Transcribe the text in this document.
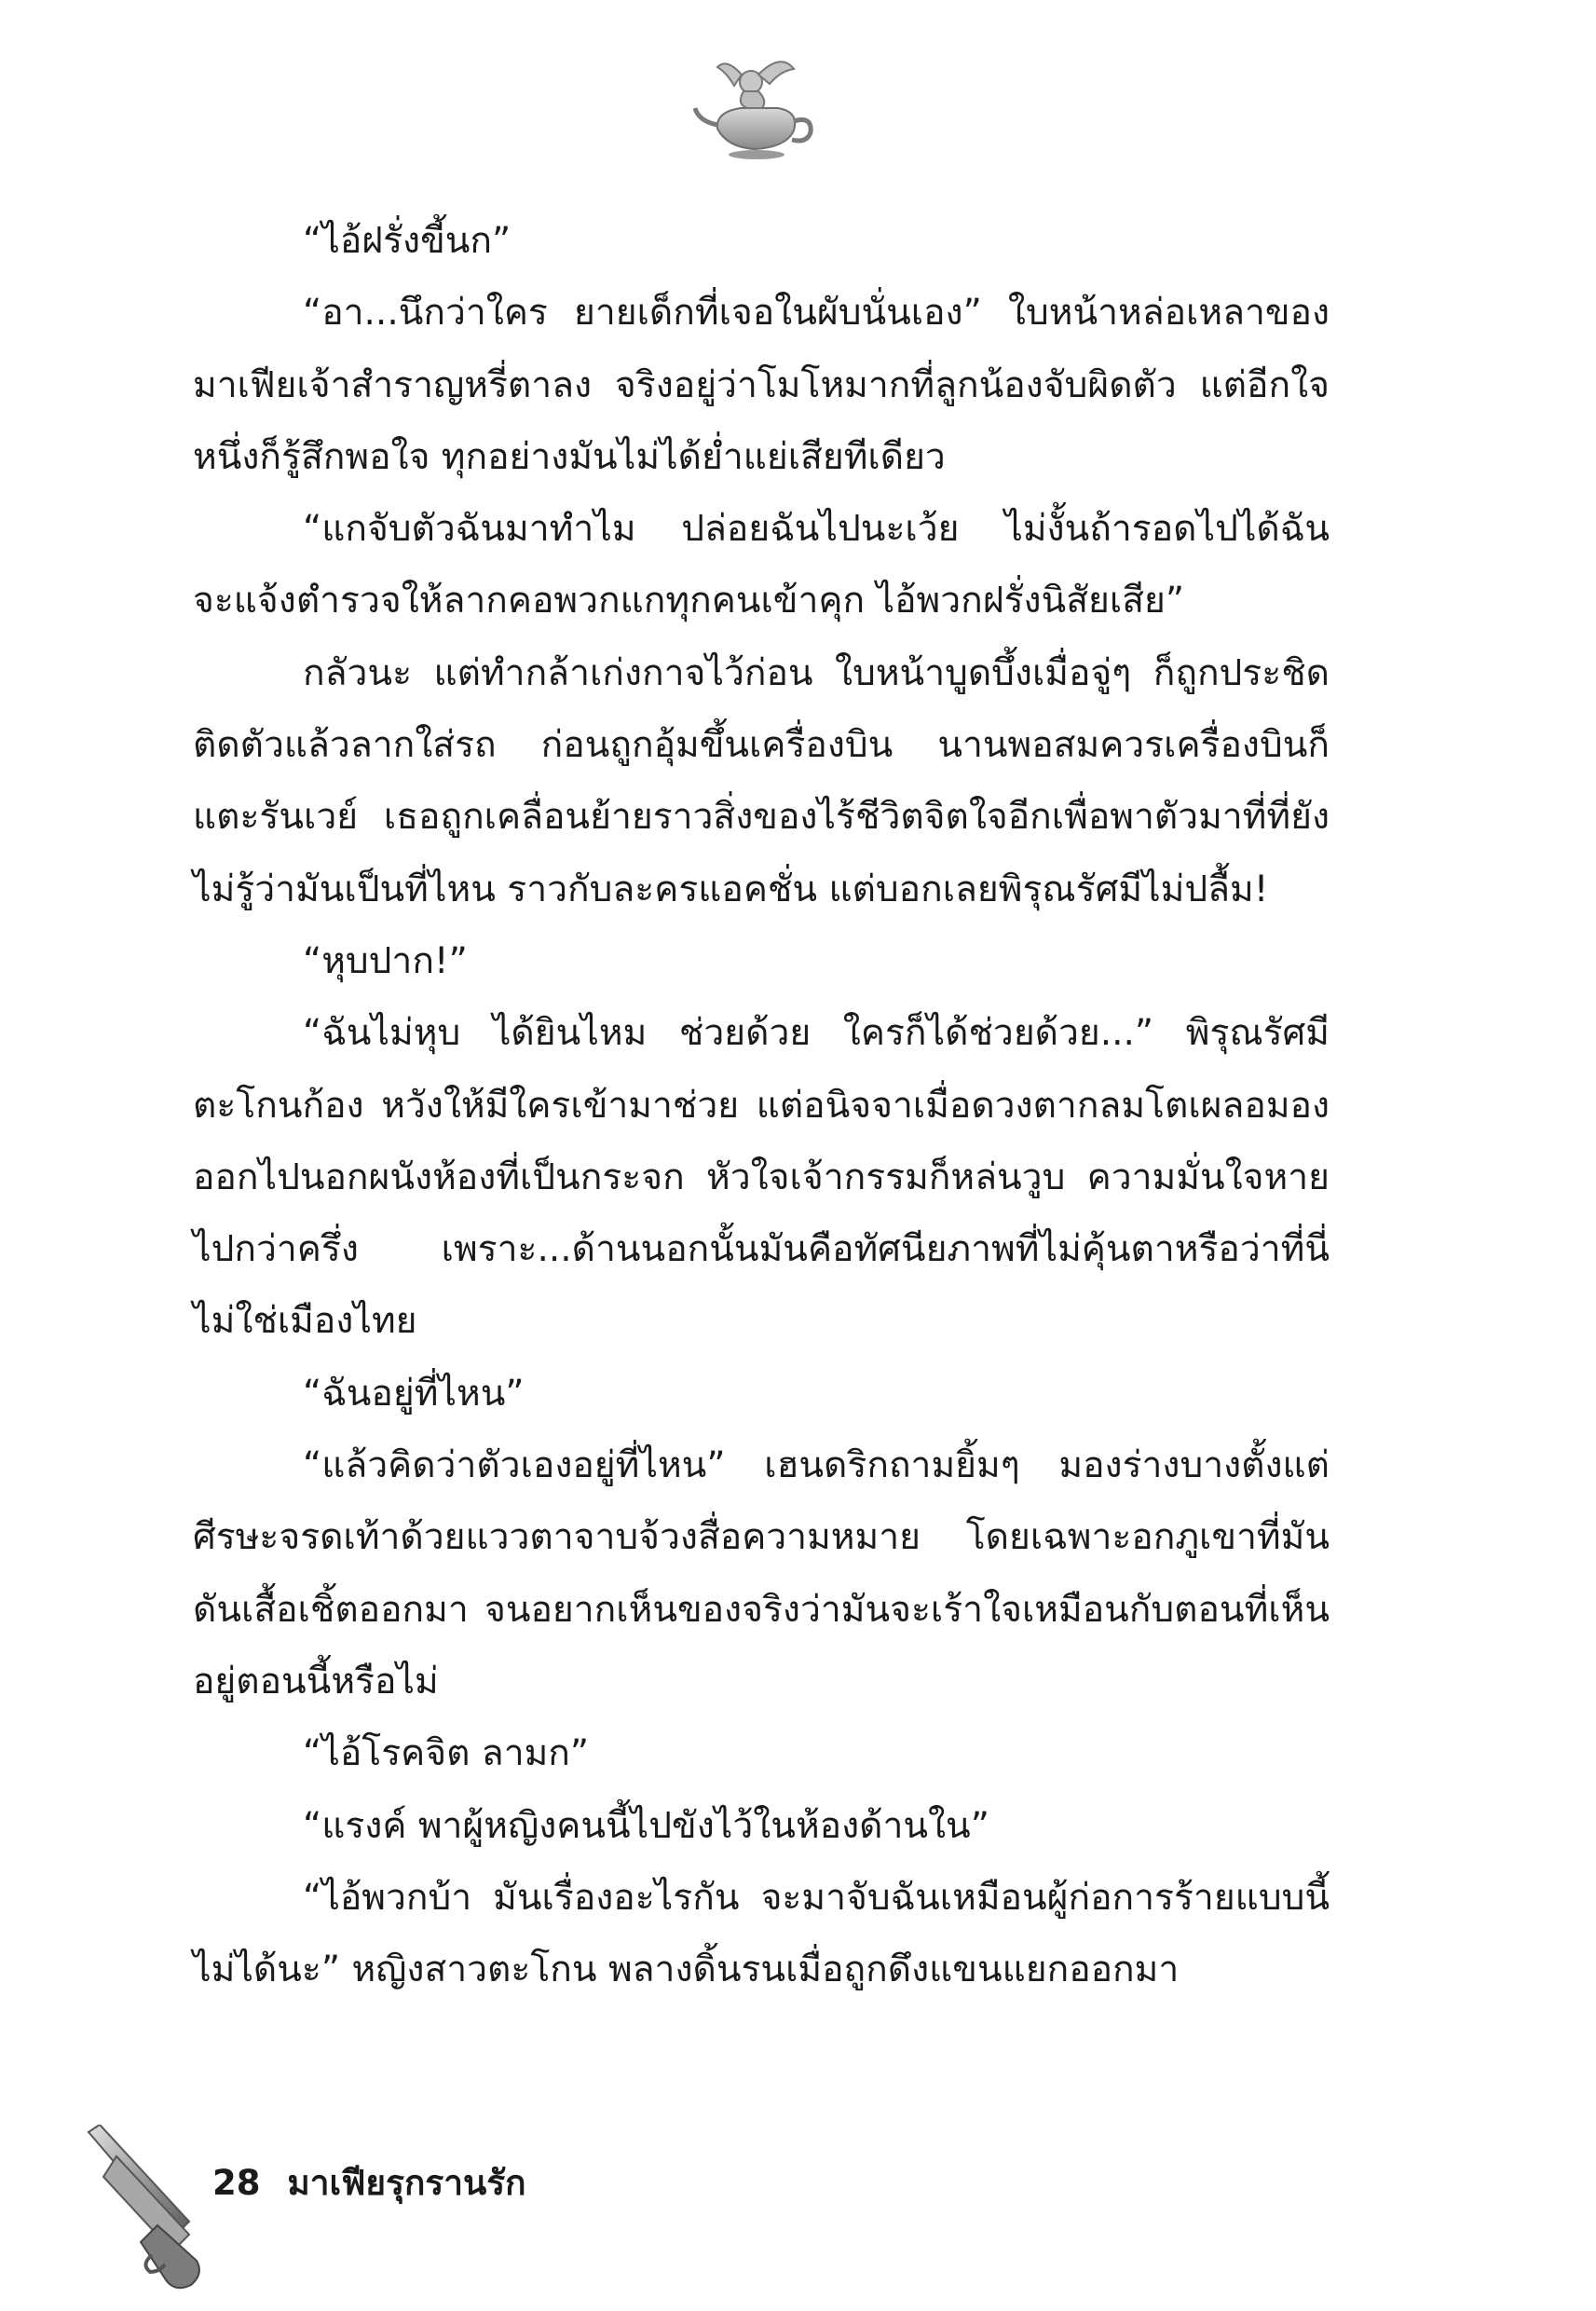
“ไอ้ฝรั่งขี้นก”

“อา...นึกว่าใคร ยายเด็กที่เจอในผับนั่นเอง” ใบหน้าหล่อเหลาของมาเฟียเจ้าสำราญหรี่ตาลง จริงอยู่ว่าโมโหมากที่ลูกน้องจับผิดตัว แต่อีกใจหนึ่งก็รู้สึกพอใจ ทุกอย่างมันไม่ได้ย่ำแย่เสียทีเดียว

“แกจับตัวฉันมาทำไม ปล่อยฉันไปนะเว้ย ไม่งั้นถ้ารอดไปได้ฉันจะแจ้งตำรวจให้ลากคอพวกแกทุกคนเข้าคุก ไอ้พวกฝรั่งนิสัยเสีย”

กลัวนะ แต่ทำกล้าเก่งกาจไว้ก่อน ใบหน้าบูดบึ้งเมื่อจู่ๆ ก็ถูกประชิดติดตัวแล้วลากใส่รถ ก่อนถูกอุ้มขึ้นเครื่องบิน นานพอสมควรเครื่องบินก็แตะรันเวย์ เธอถูกเคลื่อนย้ายราวสิ่งของไร้ชีวิตจิตใจอีกเพื่อพาตัวมาที่ที่ยังไม่รู้ว่ามันเป็นที่ไหน ราวกับละครแอคชั่น แต่บอกเลยพิรุณรัศมีไม่ปลื้ม!

“หุบปาก!”

“ฉันไม่หุบ ได้ยินไหม ช่วยด้วย ใครก็ได้ช่วยด้วย...” พิรุณรัศมีตะโกนก้อง หวังให้มีใครเข้ามาช่วย แต่อนิจจาเมื่อดวงตากลมโตเผลอมองออกไปนอกผนังห้องที่เป็นกระจก หัวใจเจ้ากรรมก็หล่นวูบ ความมั่นใจหายไปกว่าครึ่ง เพราะ...ด้านนอกนั้นมันคือทัศนียภาพที่ไม่คุ้นตาหรือว่าที่นี่ไม่ใช่เมืองไทย

“ฉันอยู่ที่ไหน”

“แล้วคิดว่าตัวเองอยู่ที่ไหน” เฮนดริกถามยิ้มๆ มองร่างบางตั้งแต่ศีรษะจรดเท้าด้วยแววตาจาบจ้วงสื่อความหมาย โดยเฉพาะอกภูเขาที่มันดันเสื้อเชิ้ตออกมา จนอยากเห็นของจริงว่ามันจะเร้าใจเหมือนกับตอนที่เห็นอยู่ตอนนี้หรือไม่

“ไอ้โรคจิต ลามก”

“แรงค์ พาผู้หญิงคนนี้ไปขังไว้ในห้องด้านใน”

“ไอ้พวกบ้า มันเรื่องอะไรกัน จะมาจับฉันเหมือนผู้ก่อการร้ายแบบนี้ไม่ได้นะ” หญิงสาวตะโกน พลางดิ้นรนเมื่อถูกดึงแขนแยกออกมา

28 มาเฟียรุกรานรัก
